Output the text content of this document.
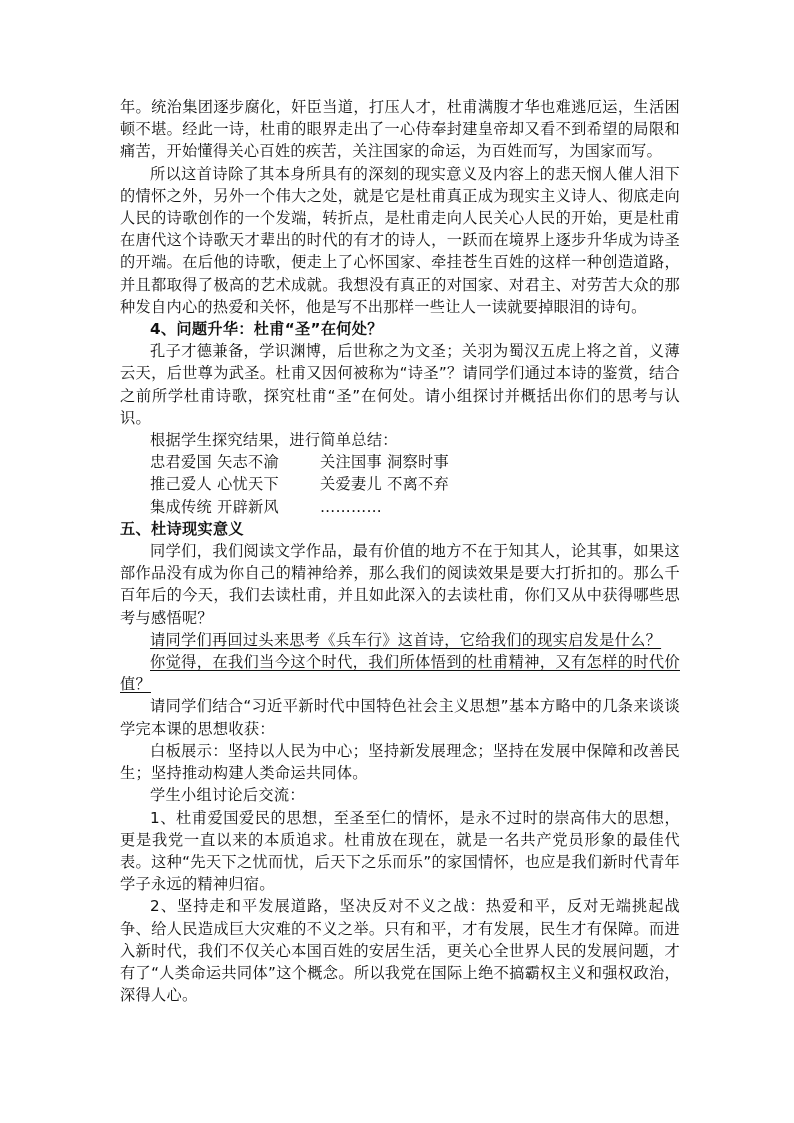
年。统治集团逐步腐化，奸臣当道，打压人才，杜甫满腹才华也难逃厄运，生活困顿不堪。经此一诗，杜甫的眼界走出了一心侍奉封建皇帝却又看不到希望的局限和痛苦，开始懂得关心百姓的疾苦，关注国家的命运，为百姓而写，为国家而写。

所以这首诗除了其本身所具有的深刻的现实意义及内容上的悲天悯人催人泪下的情怀之外，另外一个伟大之处，就是它是杜甫真正成为现实主义诗人、彻底走向人民的诗歌创作的一个发端，转折点，是杜甫走向人民关心人民的开始，更是杜甫在唐代这个诗歌天才辈出的时代的有才的诗人，一跃而在境界上逐步升华成为诗圣的开端。在后他的诗歌，便走上了心怀国家、牵挂苍生百姓的这样一种创造道路，并且都取得了极高的艺术成就。我想没有真正的对国家、对君主、对劳苦大众的那种发自内心的热爱和关怀，他是写不出那样一些让人一读就要掉眼泪的诗句。

4、问题升华：杜甫“圣”在何处？

孔子才德兼备，学识渊博，后世称之为文圣；关羽为蜀汉五虎上将之首，义薄云天，后世尊为武圣。杜甫又因何被称为“诗圣”？请同学们通过本诗的鉴赏，结合之前所学杜甫诗歌，探究杜甫“圣”在何处。请小组探讨并概括出你们的思考与认识。

根据学生探究结果，进行简单总结：

忠君爱国 矢志不渝	关注国事 洞察时事
推己爱人 心忧天下	关爱妻儿 不离不弃
集成传统 开辟新风	…………

五、杜诗现实意义

同学们，我们阅读文学作品，最有价值的地方不在于知其人，论其事，如果这部作品没有成为你自己的精神给养，那么我们的阅读效果是要大打折扣的。那么千百年后的今天，我们去读杜甫，并且如此深入的去读杜甫，你们又从中获得哪些思考与感悟呢？

请同学们再回过头来思考《兵车行》这首诗，它给我们的现实启发是什么？

你觉得，在我们当今这个时代，我们所体悟到的杜甫精神，又有怎样的时代价值？

请同学们结合“习近平新时代中国特色社会主义思想”基本方略中的几条来谈谈学完本课的思想收获：

白板展示：坚持以人民为中心；坚持新发展理念；坚持在发展中保障和改善民生；坚持推动构建人类命运共同体。

学生小组讨论后交流：

1、杜甫爱国爱民的思想，至圣至仁的情怀，是永不过时的崇高伟大的思想，更是我党一直以来的本质追求。杜甫放在现在，就是一名共产党员形象的最佳代表。这种“先天下之忧而忧，后天下之乐而乐”的家国情怀，也应是我们新时代青年学子永远的精神归宿。

2、坚持走和平发展道路，坚决反对不义之战：热爱和平，反对无端挑起战争、给人民造成巨大灾难的不义之举。只有和平，才有发展，民生才有保障。而进入新时代，我们不仅关心本国百姓的安居生活，更关心全世界人民的发展问题，才有了“人类命运共同体”这个概念。所以我党在国际上绝不搞霸权主义和强权政治，深得人心。
